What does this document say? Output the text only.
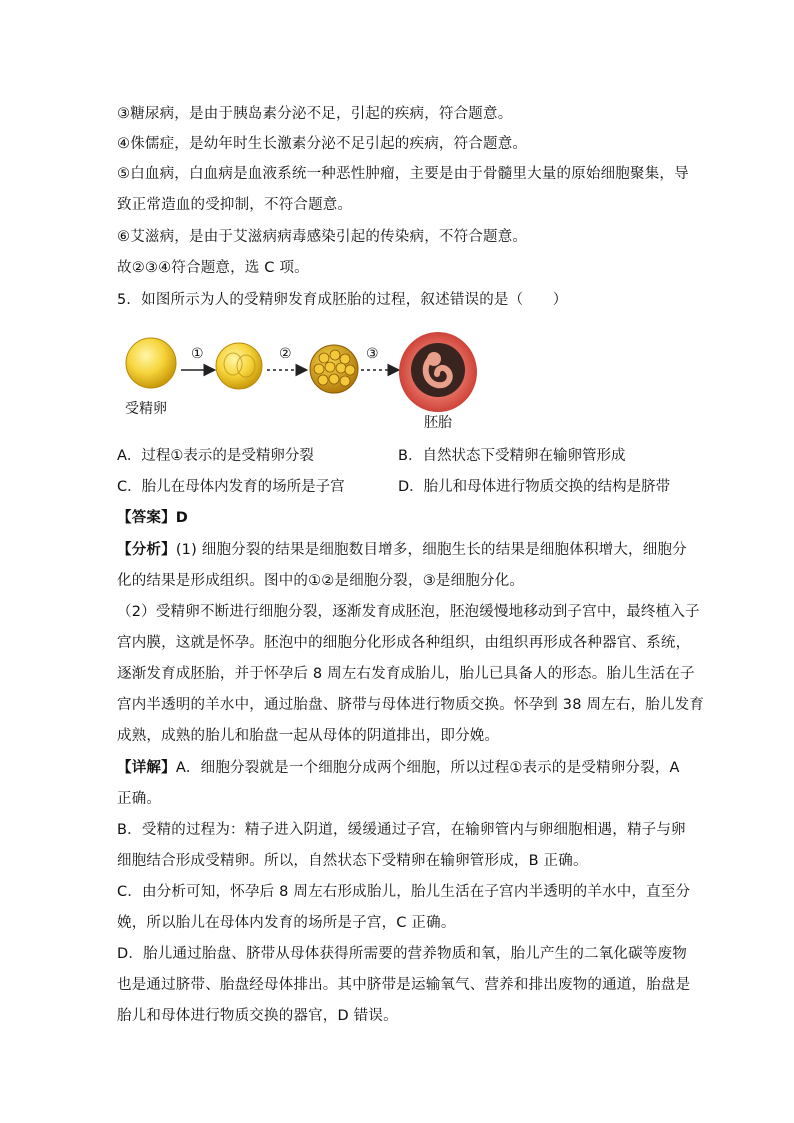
③糖尿病，是由于胰岛素分泌不足，引起的疾病，符合题意。
④侏儒症，是幼年时生长激素分泌不足引起的疾病，符合题意。
⑤白血病，白血病是血液系统一种恶性肿瘤，主要是由于骨髓里大量的原始细胞聚集，导
致正常造血的受抑制，不符合题意。
⑥艾滋病，是由于艾滋病病毒感染引起的传染病，不符合题意。
故②③④符合题意，选 C 项。
5．如图所示为人的受精卵发育成胚胎的过程，叙述错误的是（　　）
①	②	③
受精卵
胚胎
A．过程①表示的是受精卵分裂	B．自然状态下受精卵在输卵管形成
C．胎儿在母体内发育的场所是子宫	D．胎儿和母体进行物质交换的结构是脐带
【答案】D
【分析】(1) 细胞分裂的结果是细胞数目增多，细胞生长的结果是细胞体积增大，细胞分
化的结果是形成组织。图中的①②是细胞分裂，③是细胞分化。
（2）受精卵不断进行细胞分裂，逐渐发育成胚泡，胚泡缓慢地移动到子宫中，最终植入子
宫内膜，这就是怀孕。胚泡中的细胞分化形成各种组织，由组织再形成各种器官、系统，
逐渐发育成胚胎，并于怀孕后 8 周左右发育成胎儿，胎儿已具备人的形态。胎儿生活在子
宫内半透明的羊水中，通过胎盘、脐带与母体进行物质交换。怀孕到 38 周左右，胎儿发育
成熟，成熟的胎儿和胎盘一起从母体的阴道排出，即分娩。
【详解】A．细胞分裂就是一个细胞分成两个细胞，所以过程①表示的是受精卵分裂，A
正确。
B．受精的过程为：精子进入阴道，缓缓通过子宫，在输卵管内与卵细胞相遇，精子与卵
细胞结合形成受精卵。所以，自然状态下受精卵在输卵管形成，B 正确。
C．由分析可知，怀孕后 8 周左右形成胎儿，胎儿生活在子宫内半透明的羊水中，直至分
娩，所以胎儿在母体内发育的场所是子宫，C 正确。
D．胎儿通过胎盘、脐带从母体获得所需要的营养物质和氧，胎儿产生的二氧化碳等废物
也是通过脐带、胎盘经母体排出。其中脐带是运输氧气、营养和排出废物的通道，胎盘是
胎儿和母体进行物质交换的器官，D 错误。
